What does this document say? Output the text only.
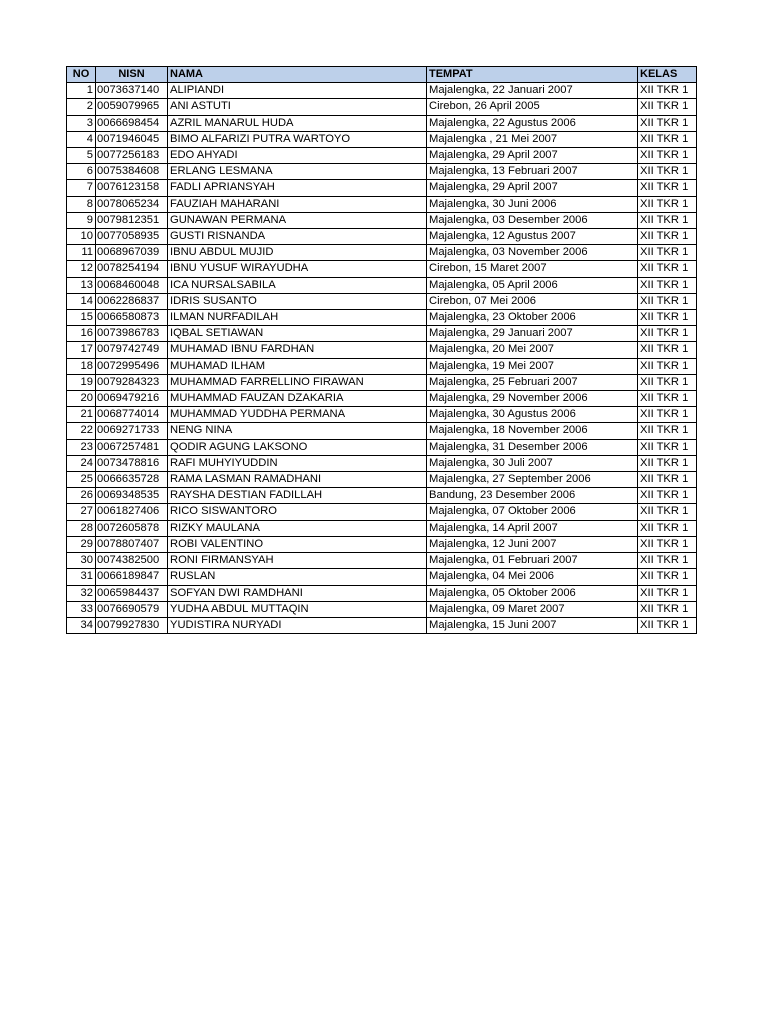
NO	NISN	NAMA	TEMPAT	KELAS
1	0073637140	ALIPIANDI	Majalengka, 22 Januari 2007	XII TKR 1
2	0059079965	ANI ASTUTI	Cirebon, 26 April 2005	XII TKR 1
3	0066698454	AZRIL MANARUL HUDA	Majalengka, 22 Agustus 2006	XII TKR 1
4	0071946045	BIMO ALFARIZI PUTRA WARTOYO	Majalengka , 21 Mei 2007	XII TKR 1
5	0077256183	EDO AHYADI	Majalengka, 29 April 2007	XII TKR 1
6	0075384608	ERLANG LESMANA	Majalengka, 13 Februari 2007	XII TKR 1
7	0076123158	FADLI APRIANSYAH	Majalengka, 29 April 2007	XII TKR 1
8	0078065234	FAUZIAH MAHARANI	Majalengka, 30 Juni 2006	XII TKR 1
9	0079812351	GUNAWAN PERMANA	Majalengka, 03 Desember 2006	XII TKR 1
10	0077058935	GUSTI RISNANDA	Majalengka, 12 Agustus 2007	XII TKR 1
11	0068967039	IBNU ABDUL MUJID	Majalengka, 03 November 2006	XII TKR 1
12	0078254194	IBNU YUSUF WIRAYUDHA	Cirebon, 15 Maret 2007	XII TKR 1
13	0068460048	ICA NURSALSABILA	Majalengka, 05 April 2006	XII TKR 1
14	0062286837	IDRIS SUSANTO	Cirebon, 07 Mei 2006	XII TKR 1
15	0066580873	ILMAN NURFADILAH	Majalengka, 23 Oktober 2006	XII TKR 1
16	0073986783	IQBAL SETIAWAN	Majalengka, 29 Januari 2007	XII TKR 1
17	0079742749	MUHAMAD IBNU FARDHAN	Majalengka, 20 Mei 2007	XII TKR 1
18	0072995496	MUHAMAD ILHAM	Majalengka, 19 Mei 2007	XII TKR 1
19	0079284323	MUHAMMAD FARRELLINO FIRAWAN	Majalengka, 25 Februari 2007	XII TKR 1
20	0069479216	MUHAMMAD FAUZAN DZAKARIA	Majalengka, 29 November 2006	XII TKR 1
21	0068774014	MUHAMMAD YUDDHA PERMANA	Majalengka, 30 Agustus 2006	XII TKR 1
22	0069271733	NENG NINA	Majalengka, 18 November 2006	XII TKR 1
23	0067257481	QODIR AGUNG LAKSONO	Majalengka, 31 Desember 2006	XII TKR 1
24	0073478816	RAFI MUHYIYUDDIN	Majalengka, 30 Juli 2007	XII TKR 1
25	0066635728	RAMA LASMAN RAMADHANI	Majalengka, 27 September 2006	XII TKR 1
26	0069348535	RAYSHA DESTIAN FADILLAH	Bandung, 23 Desember 2006	XII TKR 1
27	0061827406	RICO SISWANTORO	Majalengka, 07 Oktober 2006	XII TKR 1
28	0072605878	RIZKY MAULANA	Majalengka, 14 April 2007	XII TKR 1
29	0078807407	ROBI VALENTINO	Majalengka, 12 Juni 2007	XII TKR 1
30	0074382500	RONI FIRMANSYAH	Majalengka, 01 Februari 2007	XII TKR 1
31	0066189847	RUSLAN	Majalengka, 04 Mei 2006	XII TKR 1
32	0065984437	SOFYAN DWI RAMDHANI	Majalengka, 05 Oktober 2006	XII TKR 1
33	0076690579	YUDHA ABDUL MUTTAQIN	Majalengka, 09 Maret 2007	XII TKR 1
34	0079927830	YUDISTIRA NURYADI	Majalengka, 15 Juni 2007	XII TKR 1
